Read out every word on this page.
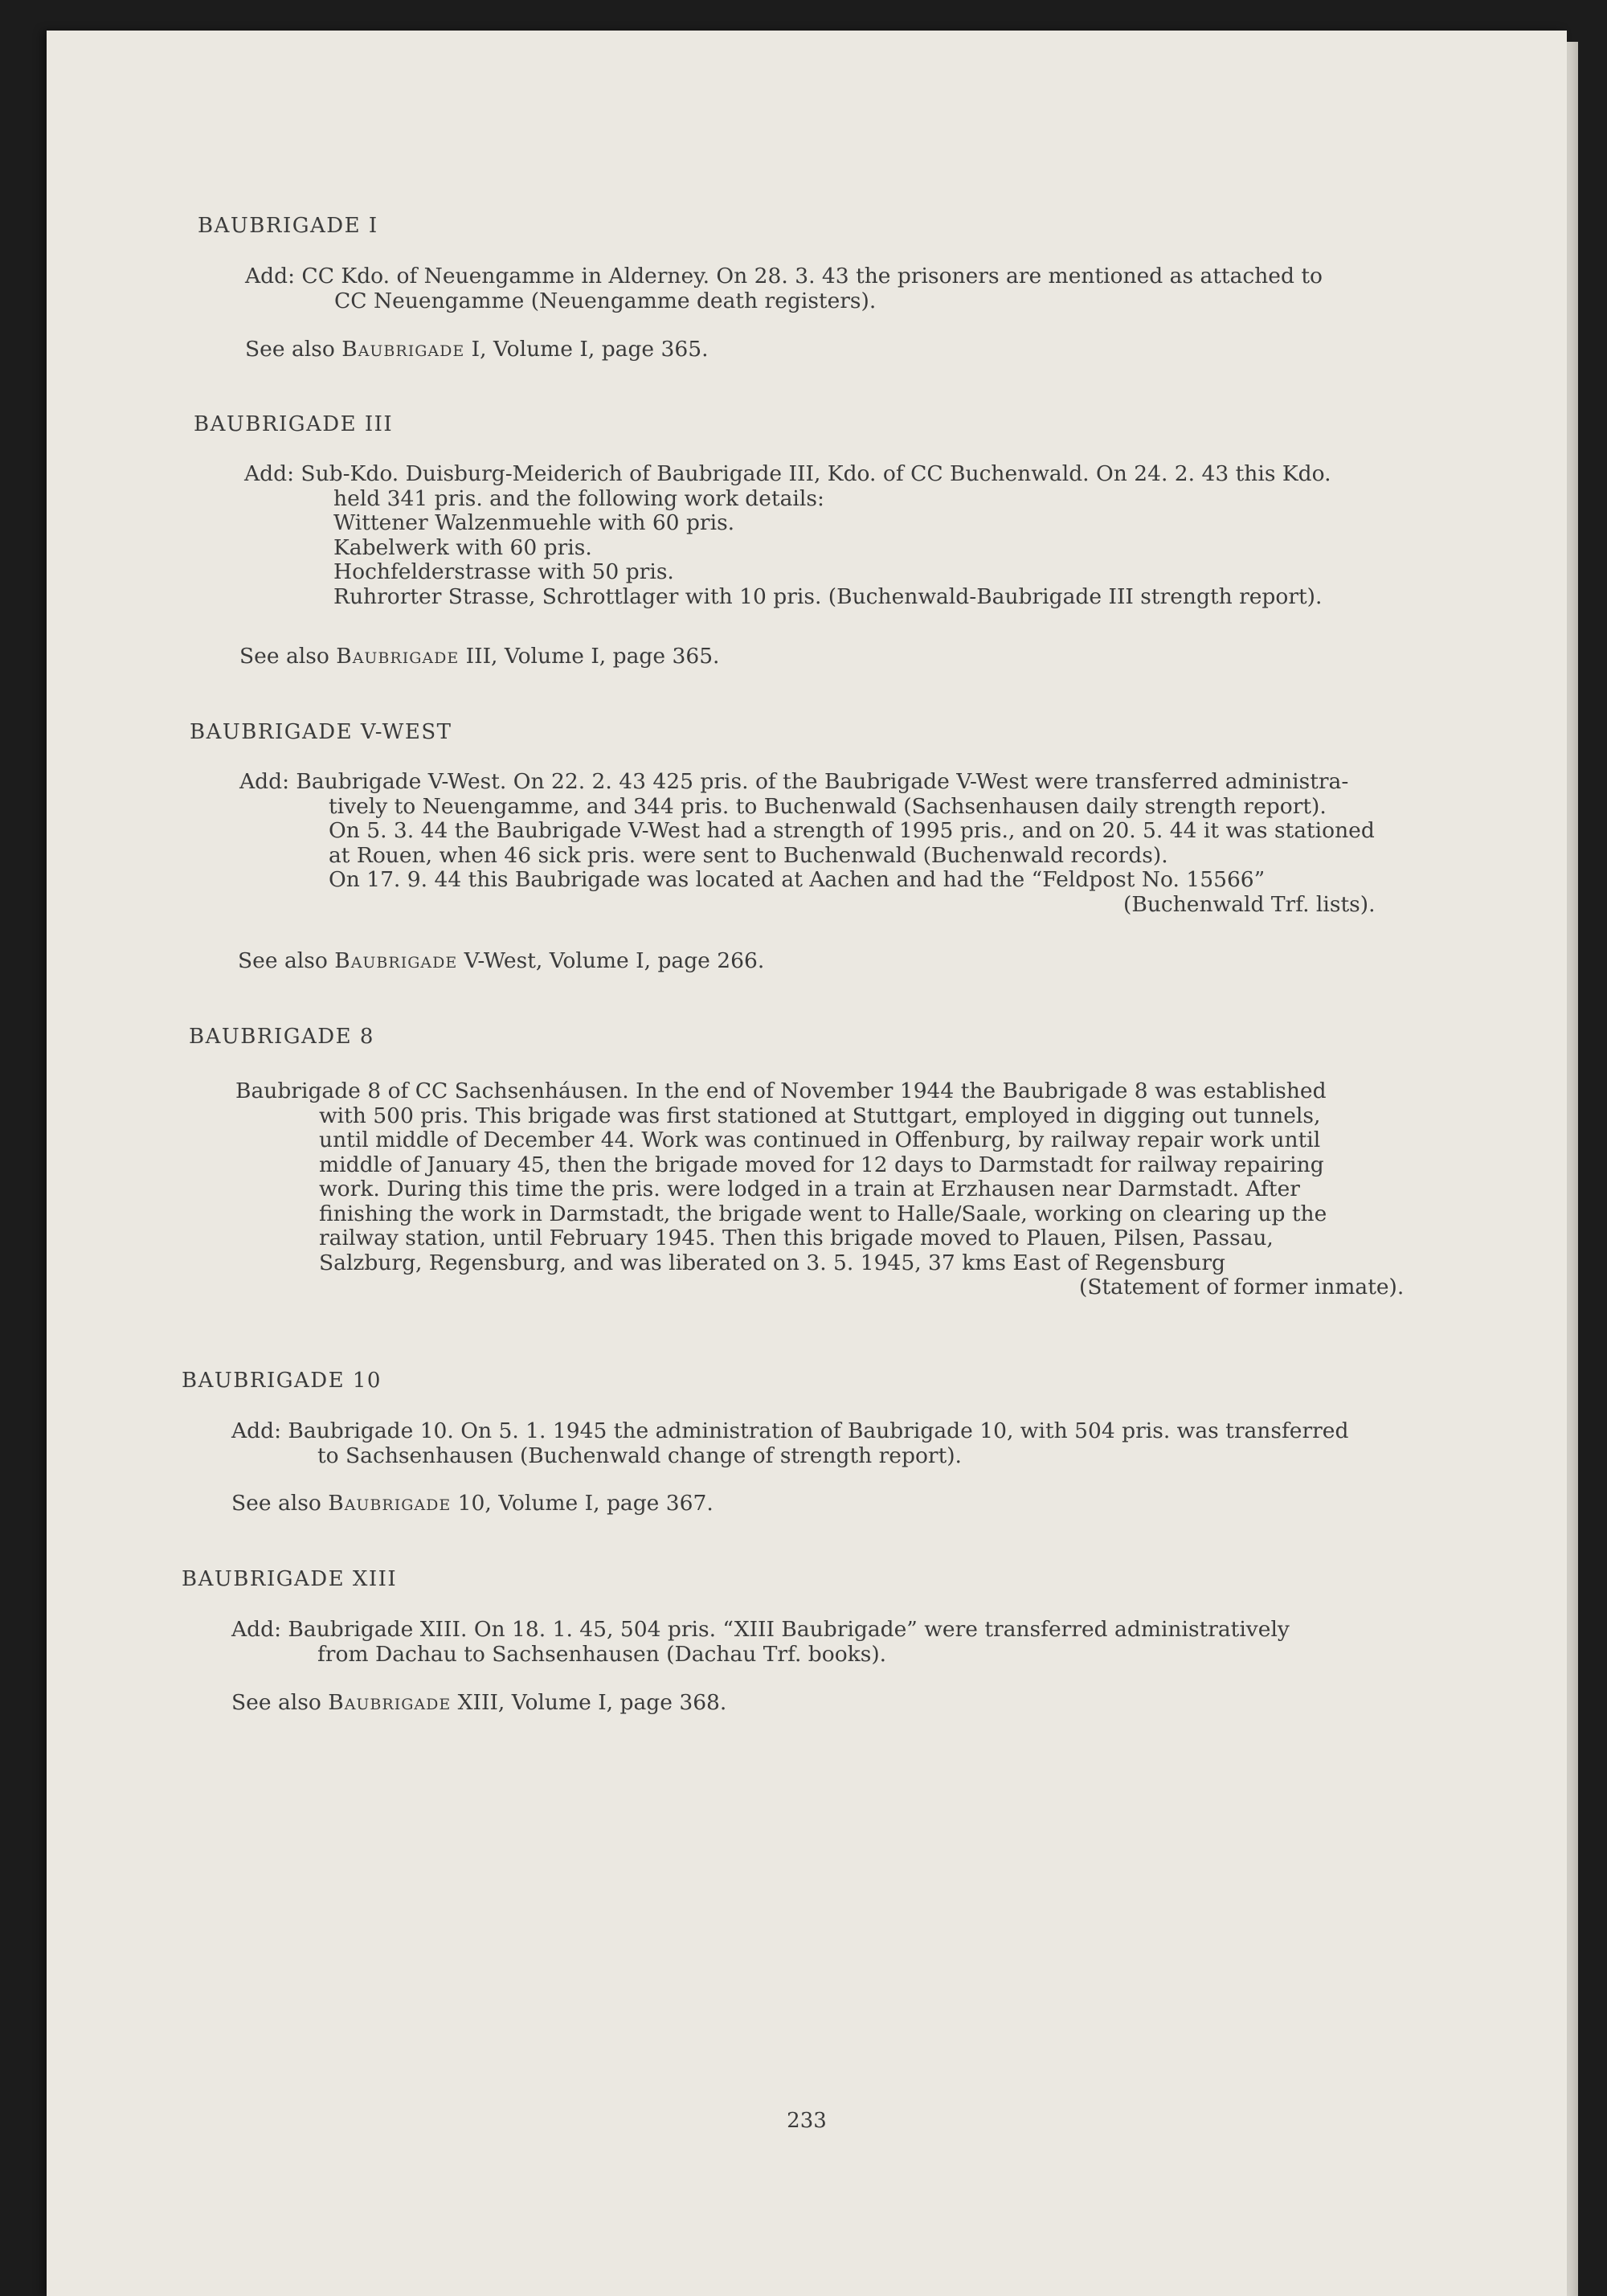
BAUBRIGADE I
Add: CC Kdo. of Neuengamme in Alderney. On 28. 3. 43 the prisoners are mentioned as attached to
CC Neuengamme (Neuengamme death registers).
See also Baubrigade I, Volume I, page 365.
BAUBRIGADE III
Add: Sub-Kdo. Duisburg-Meiderich of Baubrigade III, Kdo. of CC Buchenwald. On 24. 2. 43 this Kdo.
held 341 pris. and the following work details:
Wittener Walzenmuehle with 60 pris.
Kabelwerk with 60 pris.
Hochfelderstrasse with 50 pris.
Ruhrorter Strasse, Schrottlager with 10 pris. (Buchenwald-Baubrigade III strength report).
See also Baubrigade III, Volume I, page 365.
BAUBRIGADE V-WEST
Add: Baubrigade V-West. On 22. 2. 43 425 pris. of the Baubrigade V-West were transferred administra-
tively to Neuengamme, and 344 pris. to Buchenwald (Sachsenhausen daily strength report).
On 5. 3. 44 the Baubrigade V-West had a strength of 1995 pris., and on 20. 5. 44 it was stationed
at Rouen, when 46 sick pris. were sent to Buchenwald (Buchenwald records).
On 17. 9. 44 this Baubrigade was located at Aachen and had the “Feldpost No. 15566”
(Buchenwald Trf. lists).
See also Baubrigade V-West, Volume I, page 266.
BAUBRIGADE 8
Baubrigade 8 of CC Sachsenháusen. In the end of November 1944 the Baubrigade 8 was established
with 500 pris. This brigade was first stationed at Stuttgart, employed in digging out tunnels,
until middle of December 44. Work was continued in Offenburg, by railway repair work until
middle of January 45, then the brigade moved for 12 days to Darmstadt for railway repairing
work. During this time the pris. were lodged in a train at Erzhausen near Darmstadt. After
finishing the work in Darmstadt, the brigade went to Halle/Saale, working on clearing up the
railway station, until February 1945. Then this brigade moved to Plauen, Pilsen, Passau,
Salzburg, Regensburg, and was liberated on 3. 5. 1945, 37 kms East of Regensburg
(Statement of former inmate).
BAUBRIGADE 10
Add: Baubrigade 10. On 5. 1. 1945 the administration of Baubrigade 10, with 504 pris. was transferred
to Sachsenhausen (Buchenwald change of strength report).
See also Baubrigade 10, Volume I, page 367.
BAUBRIGADE XIII
Add: Baubrigade XIII. On 18. 1. 45, 504 pris. “XIII Baubrigade” were transferred administratively
from Dachau to Sachsenhausen (Dachau Trf. books).
See also Baubrigade XIII, Volume I, page 368.
233
